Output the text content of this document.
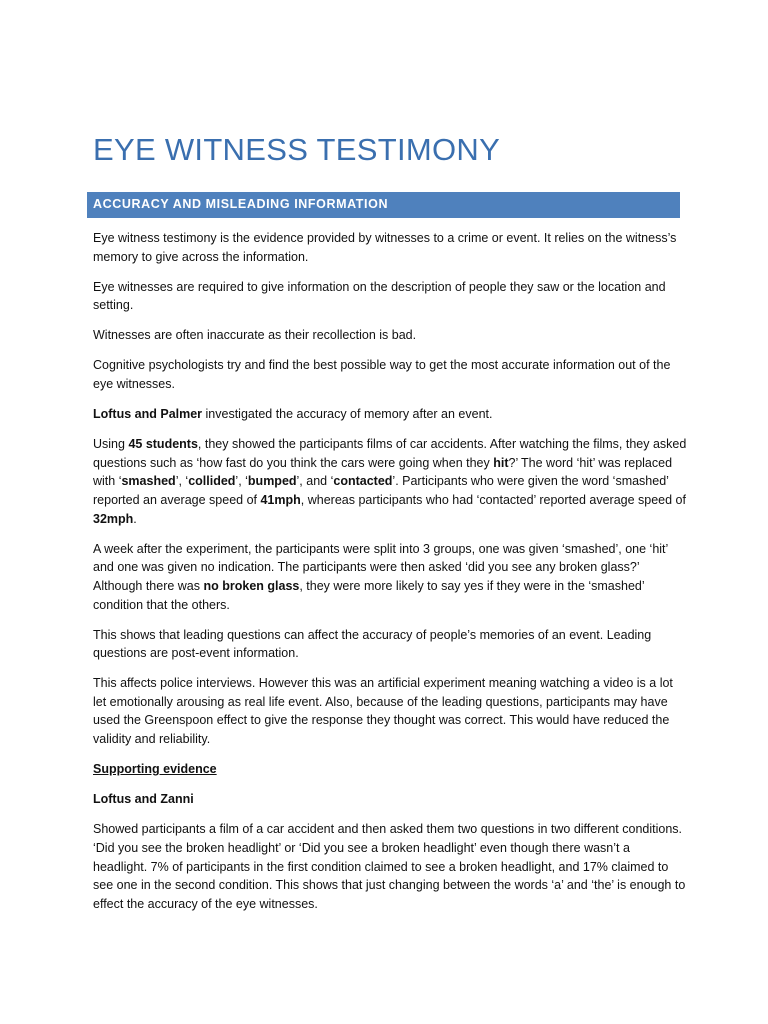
EYE WITNESS TESTIMONY
ACCURACY AND MISLEADING INFORMATION

Eye witness testimony is the evidence provided by witnesses to a crime or event. It relies on the witness’s memory to give across the information.

Eye witnesses are required to give information on the description of people they saw or the location and setting.

Witnesses are often inaccurate as their recollection is bad.

Cognitive psychologists try and find the best possible way to get the most accurate information out of the eye witnesses.

Loftus and Palmer investigated the accuracy of memory after an event.

Using 45 students, they showed the participants films of car accidents. After watching the films, they asked questions such as ‘how fast do you think the cars were going when they hit?’ The word ‘hit’ was replaced with ‘smashed’, ‘collided’, ‘bumped’, and ‘contacted’. Participants who were given the word ‘smashed’ reported an average speed of 41mph, whereas participants who had ‘contacted’ reported average speed of 32mph.

A week after the experiment, the participants were split into 3 groups, one was given ‘smashed’, one ‘hit’ and one was given no indication. The participants were then asked ‘did you see any broken glass?’ Although there was no broken glass, they were more likely to say yes if they were in the ‘smashed’ condition that the others.

This shows that leading questions can affect the accuracy of people’s memories of an event. Leading questions are post-event information.

This affects police interviews. However this was an artificial experiment meaning watching a video is a lot let emotionally arousing as real life event. Also, because of the leading questions, participants may have used the Greenspoon effect to give the response they thought was correct. This would have reduced the validity and reliability.

Supporting evidence

Loftus and Zanni

Showed participants a film of a car accident and then asked them two questions in two different conditions. ‘Did you see the broken headlight’ or ‘Did you see a broken headlight’ even though there wasn’t a headlight. 7% of participants in the first condition claimed to see a broken headlight, and 17% claimed to see one in the second condition. This shows that just changing between the words ‘a’ and ‘the’ is enough to effect the accuracy of the eye witnesses.
